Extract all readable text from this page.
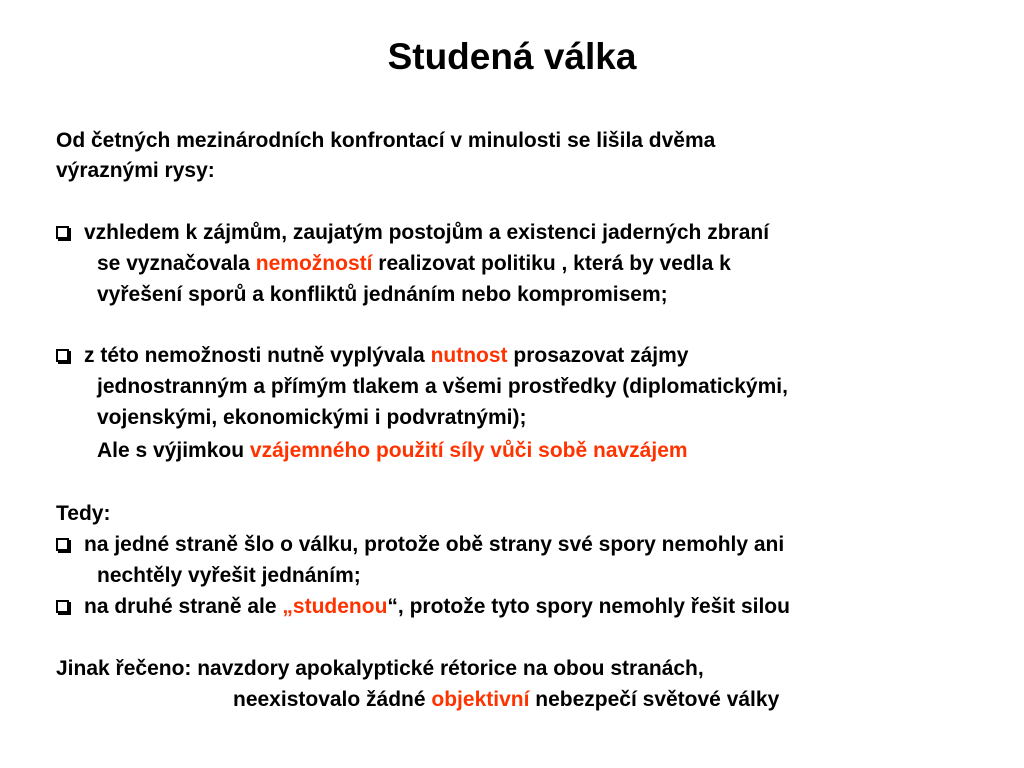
Studená válka
Od četných mezinárodních konfrontací v minulosti se lišila dvěma
výraznými rysy:
vzhledem k zájmům, zaujatým postojům a existenci jaderných zbraní
se vyznačovala nemožností realizovat politiku , která by vedla k
vyřešení sporů a konfliktů jednáním nebo kompromisem;
z této nemožnosti nutně vyplývala nutnost prosazovat zájmy
jednostranným a přímým tlakem a všemi prostředky (diplomatickými,
vojenskými, ekonomickými i podvratnými);
Ale s výjimkou vzájemného použití síly vůči sobě navzájem
Tedy:
na jedné straně šlo o válku, protože obě strany své spory nemohly ani
nechtěly vyřešit jednáním;
na druhé straně ale „studenou“, protože tyto spory nemohly řešit silou
Jinak řečeno: navzdory apokalyptické rétorice na obou stranách,
neexistovalo žádné objektivní nebezpečí světové války
